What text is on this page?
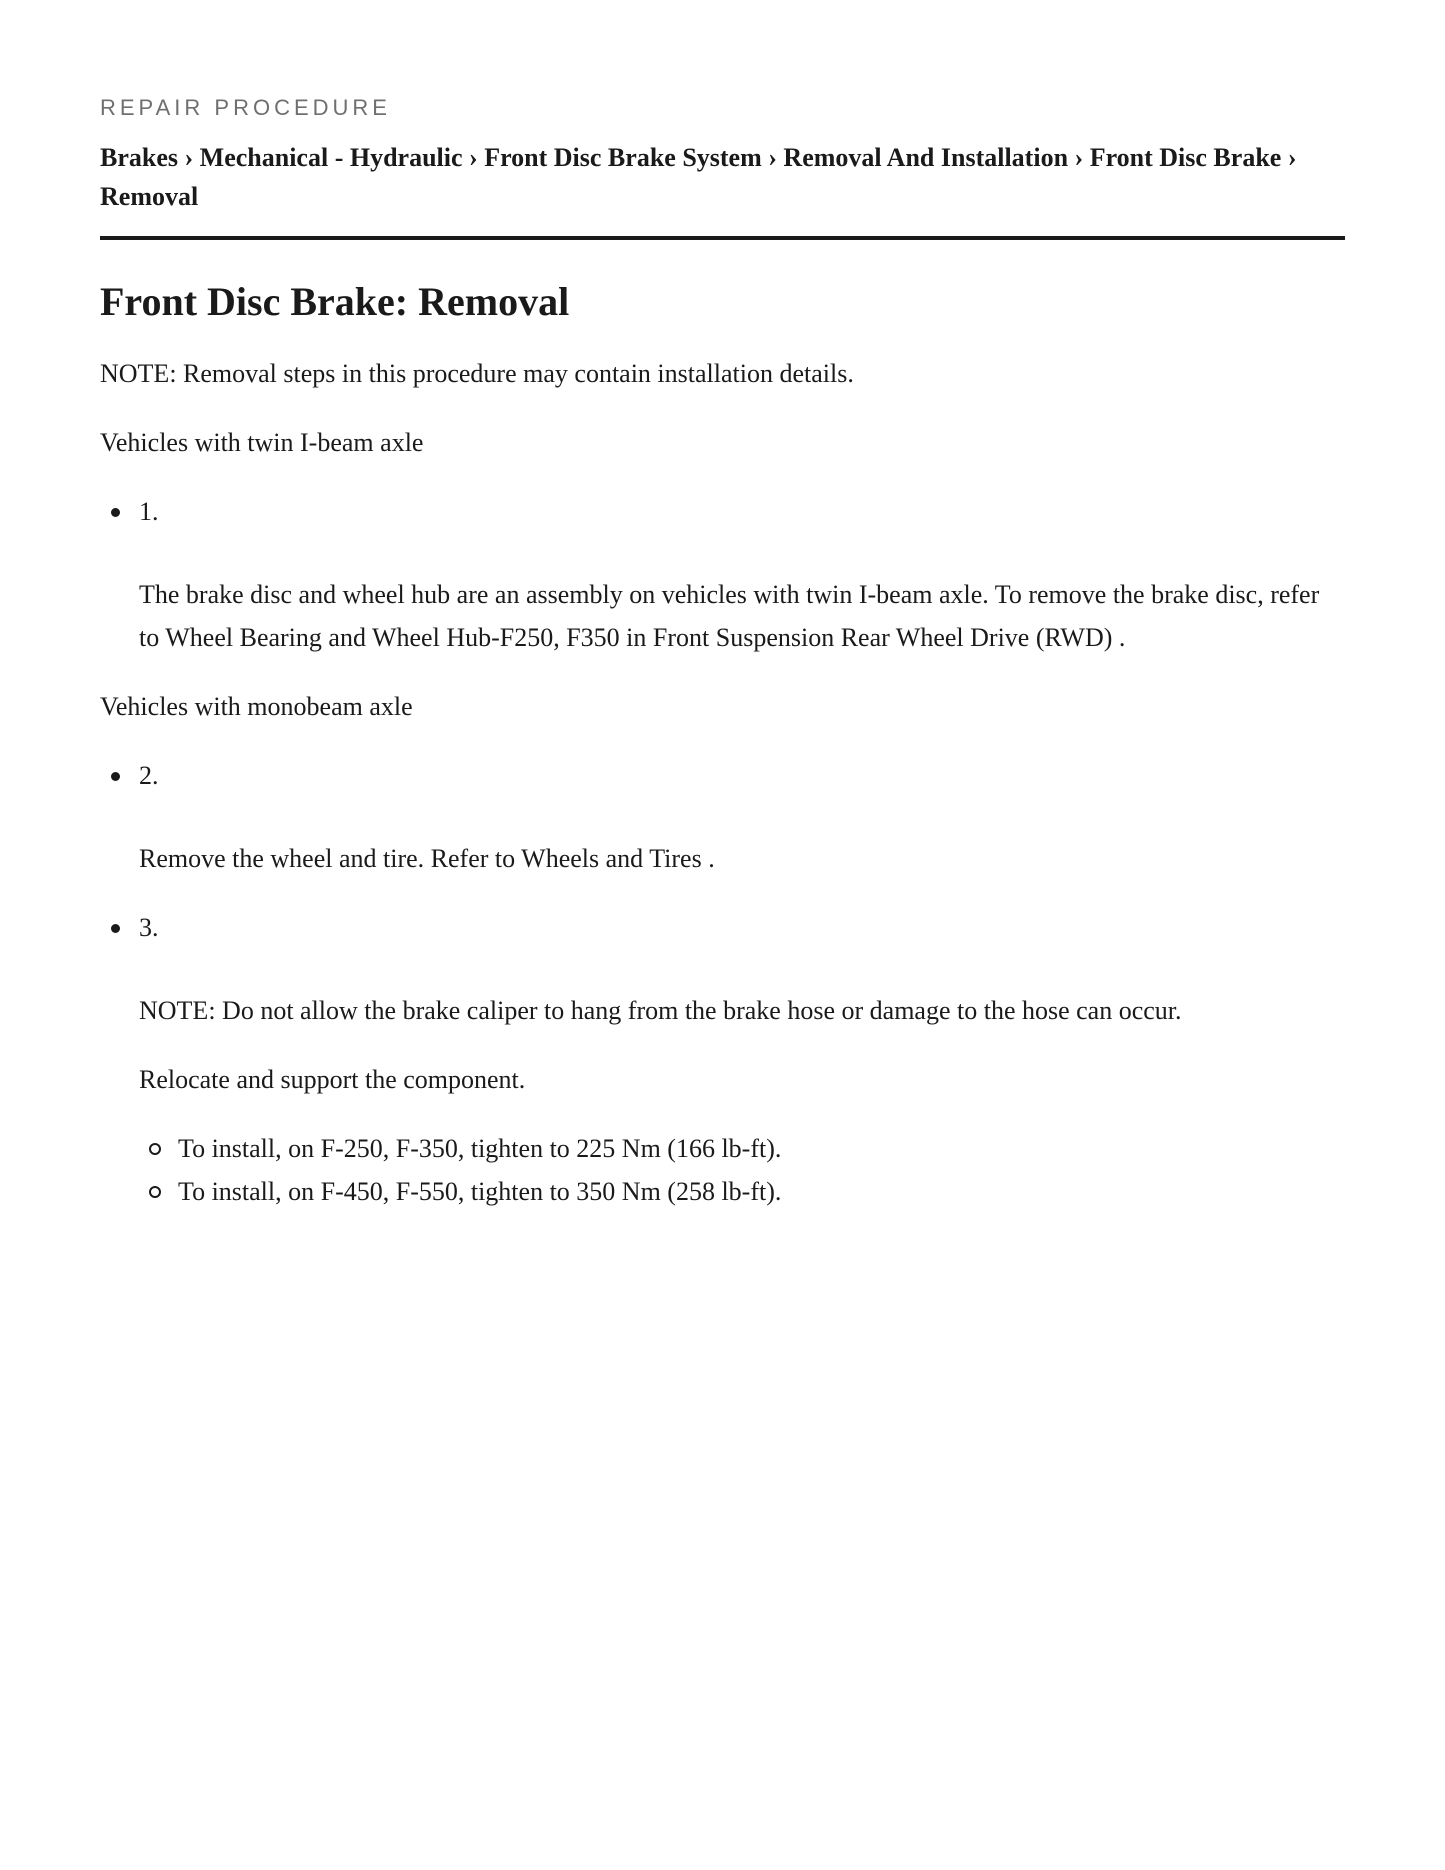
REPAIR PROCEDURE

Brakes › Mechanical - Hydraulic › Front Disc Brake System › Removal And Installation › Front Disc Brake ›
Removal
Front Disc Brake: Removal

NOTE: Removal steps in this procedure may contain installation details.

Vehicles with twin I-beam axle

1.

The brake disc and wheel hub are an assembly on vehicles with twin I-beam axle. To remove the brake disc, refer to Wheel Bearing and Wheel Hub-F250, F350 in Front Suspension Rear Wheel Drive (RWD) .

Vehicles with monobeam axle

2.

Remove the wheel and tire. Refer to Wheels and Tires .

3.

NOTE: Do not allow the brake caliper to hang from the brake hose or damage to the hose can occur.

Relocate and support the component.

To install, on F-250, F-350, tighten to 225 Nm (166 lb-ft).
To install, on F-450, F-550, tighten to 350 Nm (258 lb-ft).
